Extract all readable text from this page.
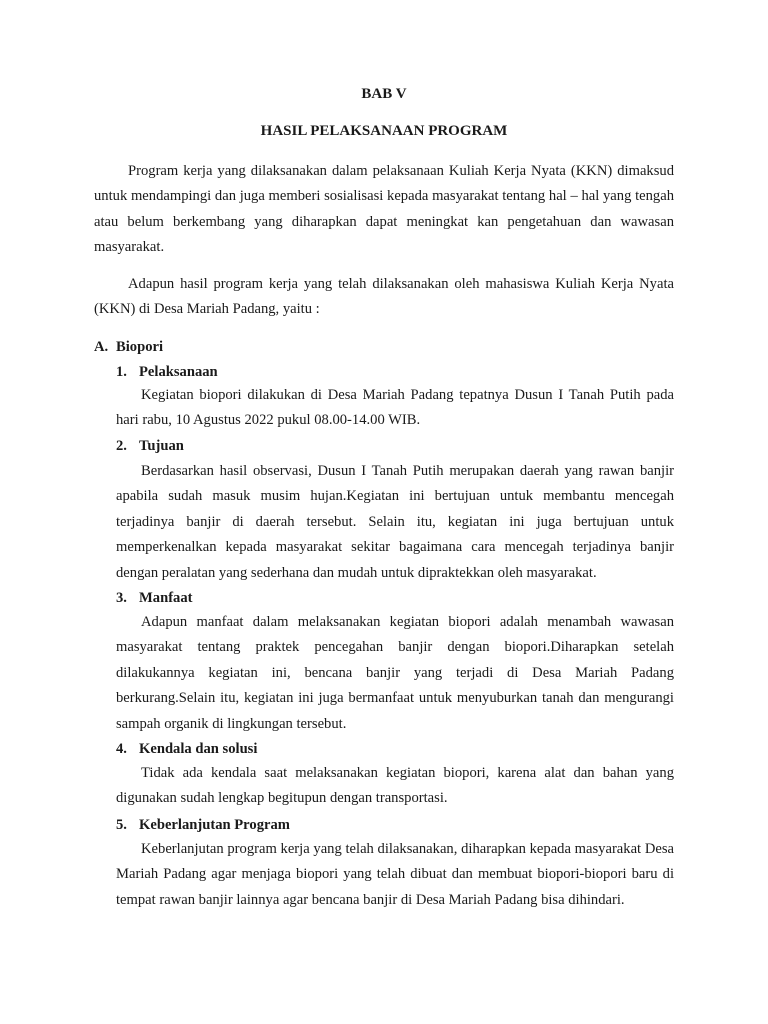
BAB V
HASIL PELAKSANAAN PROGRAM

Program kerja yang dilaksanakan dalam pelaksanaan Kuliah Kerja Nyata (KKN) dimaksud untuk mendampingi dan juga memberi sosialisasi kepada masyarakat tentang hal – hal yang tengah atau belum berkembang yang diharapkan dapat meningkat kan pengetahuan dan wawasan masyarakat.

Adapun hasil program kerja yang telah dilaksanakan oleh mahasiswa Kuliah Kerja Nyata (KKN) di Desa Mariah Padang, yaitu :

A. Biopori

1. Pelaksanaan

Kegiatan biopori dilakukan di Desa Mariah Padang tepatnya Dusun I Tanah Putih pada hari rabu, 10 Agustus 2022 pukul 08.00-14.00 WIB.

2. Tujuan

Berdasarkan hasil observasi, Dusun I Tanah Putih merupakan daerah yang rawan banjir apabila sudah masuk musim hujan.Kegiatan ini bertujuan untuk membantu mencegah terjadinya banjir di daerah tersebut. Selain itu, kegiatan ini juga bertujuan untuk memperkenalkan kepada masyarakat sekitar bagaimana cara mencegah terjadinya banjir dengan peralatan yang sederhana dan mudah untuk dipraktekkan oleh masyarakat.

3. Manfaat

Adapun manfaat dalam melaksanakan kegiatan biopori adalah menambah wawasan masyarakat tentang praktek pencegahan banjir dengan biopori.Diharapkan setelah dilakukannya kegiatan ini, bencana banjir yang terjadi di Desa Mariah Padang berkurang.Selain itu, kegiatan ini juga bermanfaat untuk menyuburkan tanah dan mengurangi sampah organik di lingkungan tersebut.

4. Kendala dan solusi

Tidak ada kendala saat melaksanakan kegiatan biopori, karena alat dan bahan yang digunakan sudah lengkap begitupun dengan transportasi.

5. Keberlanjutan Program

Keberlanjutan program kerja yang telah dilaksanakan, diharapkan kepada masyarakat Desa Mariah Padang agar menjaga biopori yang telah dibuat dan membuat biopori-biopori baru di tempat rawan banjir lainnya agar bencana banjir di Desa Mariah Padang bisa dihindari.
